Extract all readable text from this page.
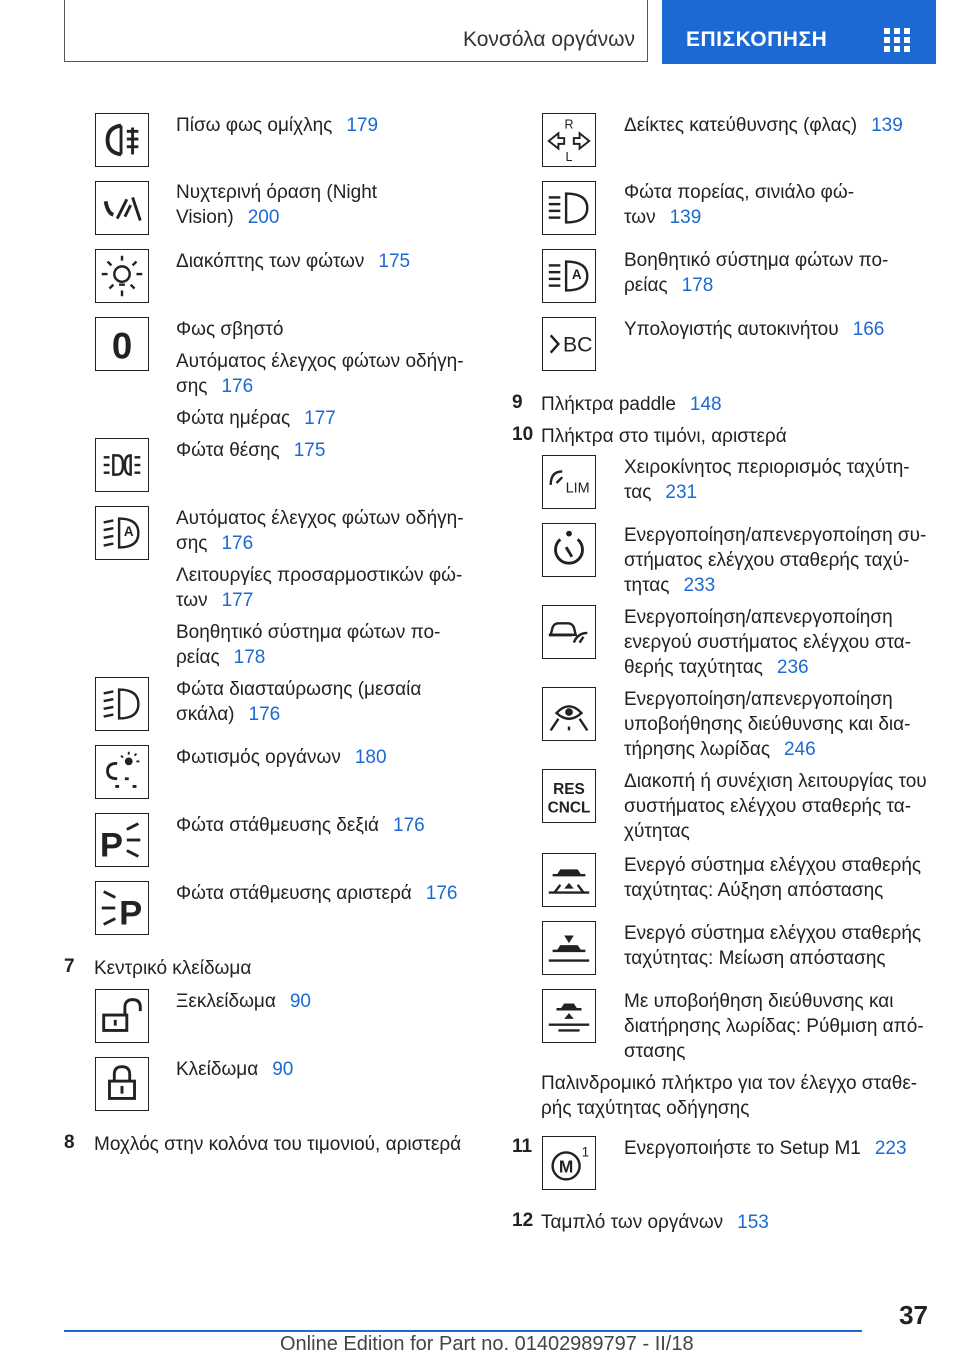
Κονσόλα οργάνων ΕΠΙΣΚΟΠΗΣΗ
Πίσω φως ομίχλης 179
Νυχτερινή όραση (Night
Vision) 200
Διακόπτης των φώτων 175
0 Φως σβηστό
Αυτόματος έλεγχος φώτων οδήγη-
σης 176
Φώτα ημέρας 177
Φώτα θέσης 175
A
Αυτόματος έλεγχος φώτων οδήγη-
σης 176
Λειτουργίες προσαρμοστικών φώ-
των 177
Βοηθητικό σύστημα φώτων πο-
ρείας 178
Φώτα διασταύρωσης (μεσαία
σκάλα) 176
Φωτισμός οργάνων 180
P
Φώτα στάθμευσης δεξιά 176
P
Φώτα στάθμευσης αριστερά 176
7 Κεντρικό κλείδωμα
Ξεκλείδωμα 90
Κλείδωμα 90
8 Μοχλός στην κολόνα του τιμονιού, αριστερά
R
L
Δείκτες κατεύθυνσης (φλας) 139
Φώτα πορείας, σινιάλο φώ-
των 139
A
Βοηθητικό σύστημα φώτων πο-
ρείας 178
BC
Υπολογιστής αυτοκινήτου 166
9 Πλήκτρα paddle 148
10 Πλήκτρα στο τιμόνι, αριστερά
LIM
Χειροκίνητος περιορισμός ταχύτη-
τας 231
Ενεργοποίηση/απενεργοποίηση συ-
στήματος ελέγχου σταθερής ταχύ-
τητας 233
Ενεργοποίηση/απενεργοποίηση
ενεργού συστήματος ελέγχου στα-
θερής ταχύτητας 236
Ενεργοποίηση/απενεργοποίηση
υποβοήθησης διεύθυνσης και δια-
τήρησης λωρίδας 246
RES
CNCL
Διακοπή ή συνέχιση λειτουργίας του
συστήματος ελέγχου σταθερής τα-
χύτητας
Ενεργό σύστημα ελέγχου σταθερής
ταχύτητας: Αύξηση απόστασης
Ενεργό σύστημα ελέγχου σταθερής
ταχύτητας: Μείωση απόστασης
Με υποβοήθηση διεύθυνσης και
διατήρησης λωρίδας: Ρύθμιση από-
στασης
Παλινδρομικό πλήκτρο για τον έλεγχο σταθε-
ρής ταχύτητας οδήγησης
11
M
1 Ενεργοποιήστε το Setup M1 223
12 Ταμπλό των οργάνων 153
37
Online Edition for Part no. 01402989797 - II/18
